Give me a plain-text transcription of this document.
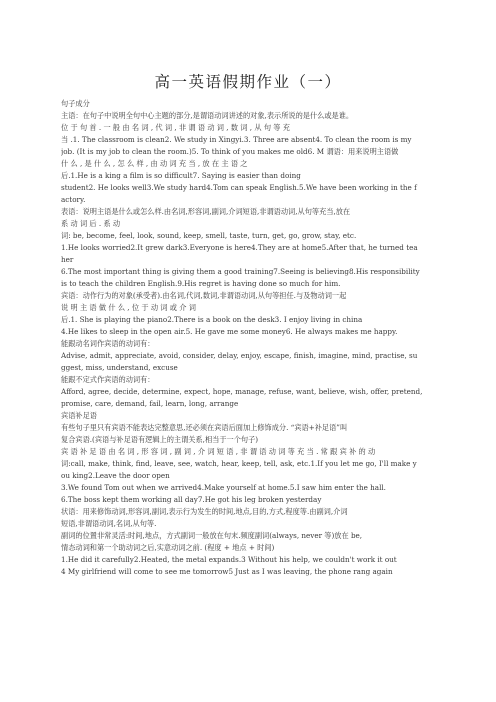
高一英语假期作业（一）

句子成分

主语：在句子中说明全句中心主题的部分,是谓语动词讲述的对象,表示所说的是什么或是谁。

位 于 句 首 . 一 般 由 名 词 , 代 词 , 非 谓 语 动 词 , 数 词 , 从 句 等 充

当 .1. The classroom is clean2. We study in Xingyi.3. Three are absent4. To clean the room is my

job. (It is my job to clean the room.)5. To think of you makes me old6. M 谓语：用来说明主语做

什 么 , 是 什 么 , 怎 么 样 , 由 动 词 充 当 , 放 在 主 语 之

后.1.He is a king a film is so difficult7. Saying is easier than doing

student2. He looks well3.We study hard4.Tom can speak English.5.We have been working in the f

actory.

表语：说明主语是什么或怎么样.由名词,形容词,副词,介词短语,非谓语动词,从句等充当,放在

系 动 词 后 . 系 动

词: be, become, feel, look, sound, keep, smell, taste, turn, get, go, grow, stay, etc.

1.He looks worried2.It grew dark3.Everyone is here4.They are at home5.After that, he turned tea

her

6.The most important thing is giving them a good training7.Seeing is believing8.His responsibility

is to teach the children English.9.His regret is having done so much for him.

宾语：动作行为的对象(承受者).由名词,代词,数词,非谓语动词,从句等担任.与及物动词一起

说 明 主 语 做 什 么 , 位 于 动 词 或 介 词

后.1. She is playing the piano2.There is a book on the desk3. I enjoy living in china

4.He likes to sleep in the open air.5. He gave me some money6. He always makes me happy.

能跟动名词作宾语的动词有：

Advise, admit, appreciate, avoid, consider, delay, enjoy, escape, finish, imagine, mind, practise, su

ggest, miss, understand, excuse

能跟不定式作宾语的动词有：

Afford, agree, decide, determine, expect, hope, manage, refuse, want, believe, wish, offer, pretend,

promise, care, demand, fail, learn, long, arrange

宾语补足语

有些句子里只有宾语不能表达完整意思,还必须在宾语后面加上修饰成分. “宾语+补足语”叫

复合宾语.(宾语与补足语有逻辑上的主谓关系,相当于一个句子)

宾 语 补 足 语 由 名 词 , 形 容 词 , 副 词 , 介 词 短 语 , 非 谓 语 动 词 等 充 当 . 常 跟 宾 补 的 动

词:call, make, think, find, leave, see, watch, hear, keep, tell, ask, etc.1.If you let me go, I'll make y

ou king2.Leave the door open

3.We found Tom out when we arrived4.Make yourself at home.5.I saw him enter the hall.

6.The boss kept them working all day7.He got his leg broken yesterday

状语：用来修饰动词,形容词,副词,表示行为发生的时间,地点,目的,方式,程度等.由副词,介词

短语,非谓语动词,名词,从句等.

副词的位置非常灵活:时间,地点，方式副词一般放在句末.频度副词(always, never 等)放在 be,

情态动词和第一个助动词之后,实意动词之前. (程度 + 地点 + 时间)

1.He did it carefully2.Heated, the metal expands.3 Without his help, we couldn't work it out

4 My girlfriend will come to see me tomorrow5 Just as I was leaving, the phone rang again
